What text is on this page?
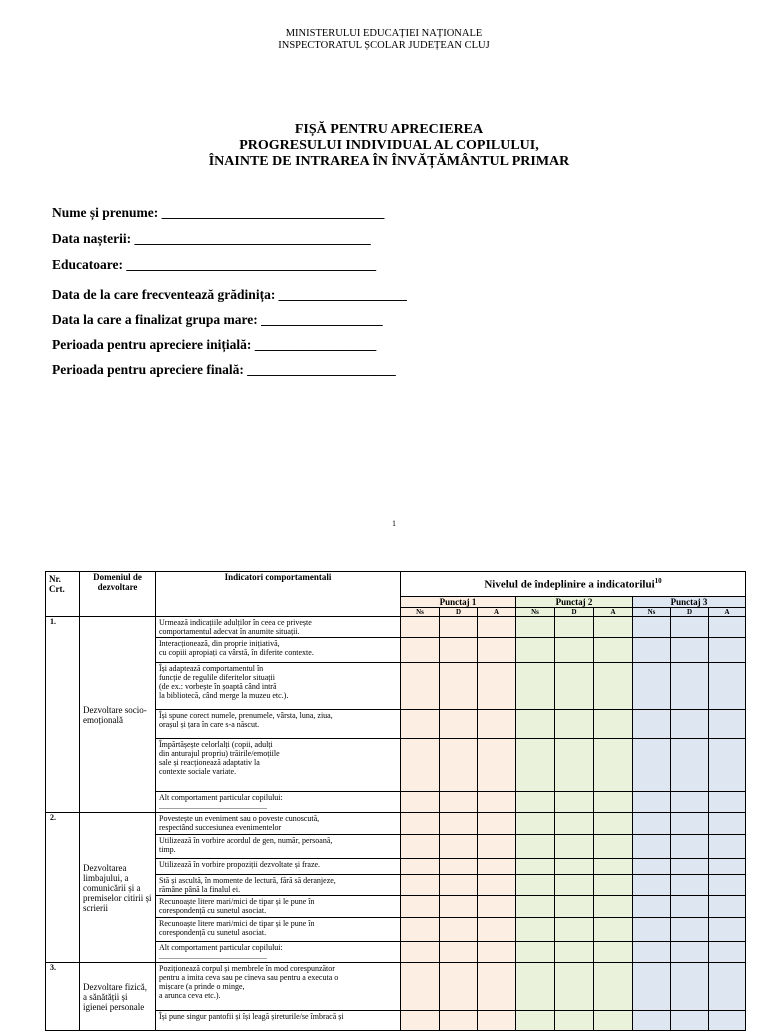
MINISTERULUI EDUCAȚIEI NAȚIONALE
INSPECTORATUL ȘCOLAR JUDEȚEAN CLUJ
FIȘĂ PENTRU APRECIEREA
PROGRESULUI INDIVIDUAL AL COPILULUI,
ÎNAINTE DE INTRAREA ÎN ÎNVĂȚĂMÂNTUL PRIMAR
Nume și prenume: _________________________________
Data nașterii: ___________________________________
Educatoare: _____________________________________
Data de la care frecventează grădinița: ___________________
Data la care a finalizat grupa mare: __________________
Perioada pentru apreciere inițială: __________________
Perioada pentru apreciere finală: ______________________
1
Nr. Crt.	Domeniul de dezvoltare	Indicatori comportamentali	Nivelul de îndeplinire a indicatorilui$^{10}$
			Punctaj 1			Punctaj 2			Punctaj 3		
			Ns	D	A	Ns	D	A	Ns	D	A
1.	Dezvoltare socio-emoțională	Urmează indicațiile adulților în ceea ce privește
comportamentul adecvat în anumite situații.									

		Interacționează, din proprie inițiativă,
cu copiii apropiați ca vârstă, în diferite contexte.									

		Își adaptează comportamentul în
funcție de regulile diferitelor situații
(de ex.: vorbește în șoaptă când intră
la bibliotecă, când merge la muzeu etc.).									

		Își spune corect numele, prenumele, vârsta, luna, ziua,
orașul și țara în care s-a născut.									

		Împărtășește celorlalți (copii, adulți
din anturajul propriu) trăirile/emoțiile
sale și reacționează adaptativ la
contexte sociale variate.									

		Alt comportament particular copilului:
......................................................									

2.	Dezvoltarea limbajului, a comunicării și a premiselor citirii și scrierii	Povestește un eveniment sau o poveste cunoscută,
respectând succesiunea evenimentelor									

		Utilizează în vorbire acordul de gen, număr, persoană,
timp.									

		Utilizează în vorbire propoziții dezvoltate și fraze.									

		Stă și ascultă, în momente de lectură, fără să deranjeze,
rămâne până la finalul ei.									

		Recunoaște litere mari/mici de tipar și le pune în
corespondență cu sunetul asociat.									

		Recunoaște litere mari/mici de tipar și le pune în
corespondență cu sunetul asociat.									

		Alt comportament particular copilului:
......................................................									

3.	Dezvoltare fizică, a sănătății și igienei personale	Poziționează corpul și membrele în mod corespunzător
pentru a imita ceva sau pe cineva sau pentru a executa o
mișcare (a prinde o minge,
a arunca ceva etc.).									

		Își pune singur pantofii și își leagă șireturile/se îmbracă și									
